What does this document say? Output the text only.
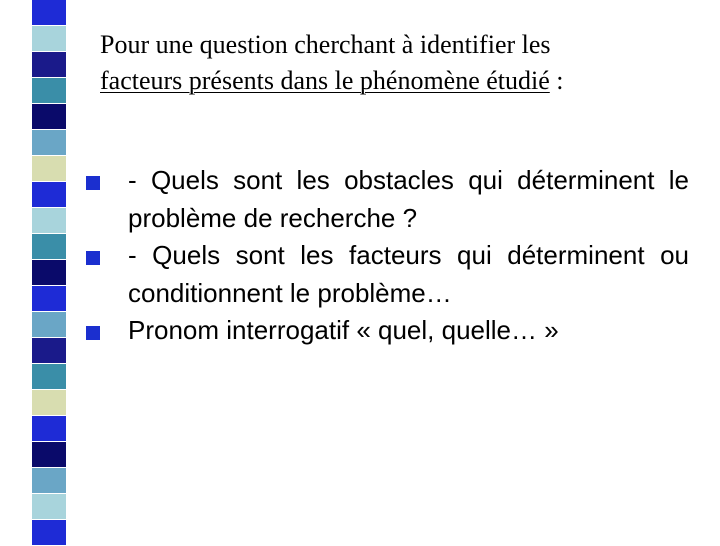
Pour une question cherchant à identifier les
facteurs présents dans le phénomène étudié :
- Quels sont les obstacles qui déterminent le problème de recherche ?
- Quels sont les facteurs qui déterminent ou conditionnent le problème…
Pronom interrogatif « quel, quelle… »
